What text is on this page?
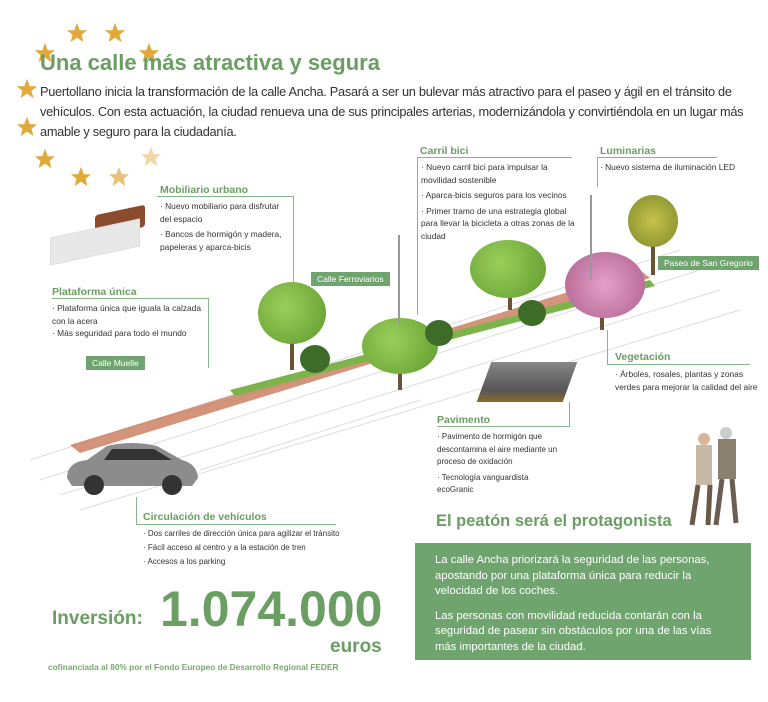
Una calle más atractiva y segura
Puertollano inicia la transformación de la calle Ancha. Pasará a ser un bulevar más atractivo para el paseo y ágil en el tránsito de vehículos. Con esta actuación, la ciudad renueva una de sus principales arterias, modernizándola y convirtiéndola en un lugar más amable y seguro para la ciudadanía.
Mobiliario urbano

· Nuevo mobiliario para disfrutar del espacio

· Bancos de hormigón y madera, papeleras y aparca-bicis

Plataforma única

· Plataforma única que iguala la calzada con la acera

· Más seguridad para todo el mundo

Calle Muelle
Calle Ferroviarios
Paseo de San Gregorio
Carril bici

· Nuevo carril bici para impulsar la movilidad sostenible

· Aparca-bicis seguros para los vecinos

· Primer tramo de una estrategia global para llevar la bicicleta a otras zonas de la ciudad

Luminarias

· Nuevo sistema de iluminación LED

Vegetación

· Árboles, rosales, plantas y zonas verdes para mejorar la calidad del aire

Pavimento

· Pavimento de hormigón que descontamina el aire mediante un proceso de oxidación

· Tecnología vanguardista ecoGranic

Circulación de vehículos

· Dos carriles de dirección única para agilizar el tránsito

· Fácil acceso al centro y a la estación de tren

· Accesos a los parking

Inversión: 1.074.000
euros
cofinanciada al 80% por el Fondo Europeo de Desarrollo Regional FEDER
El peatón será el protagonista

La calle Ancha priorizará la seguridad de las personas, apostando por una plataforma única para reducir la velocidad de los coches.

Las personas con movilidad reducida contarán con la seguridad de pasear sin obstáculos por una de las vías más importantes de la ciudad.
